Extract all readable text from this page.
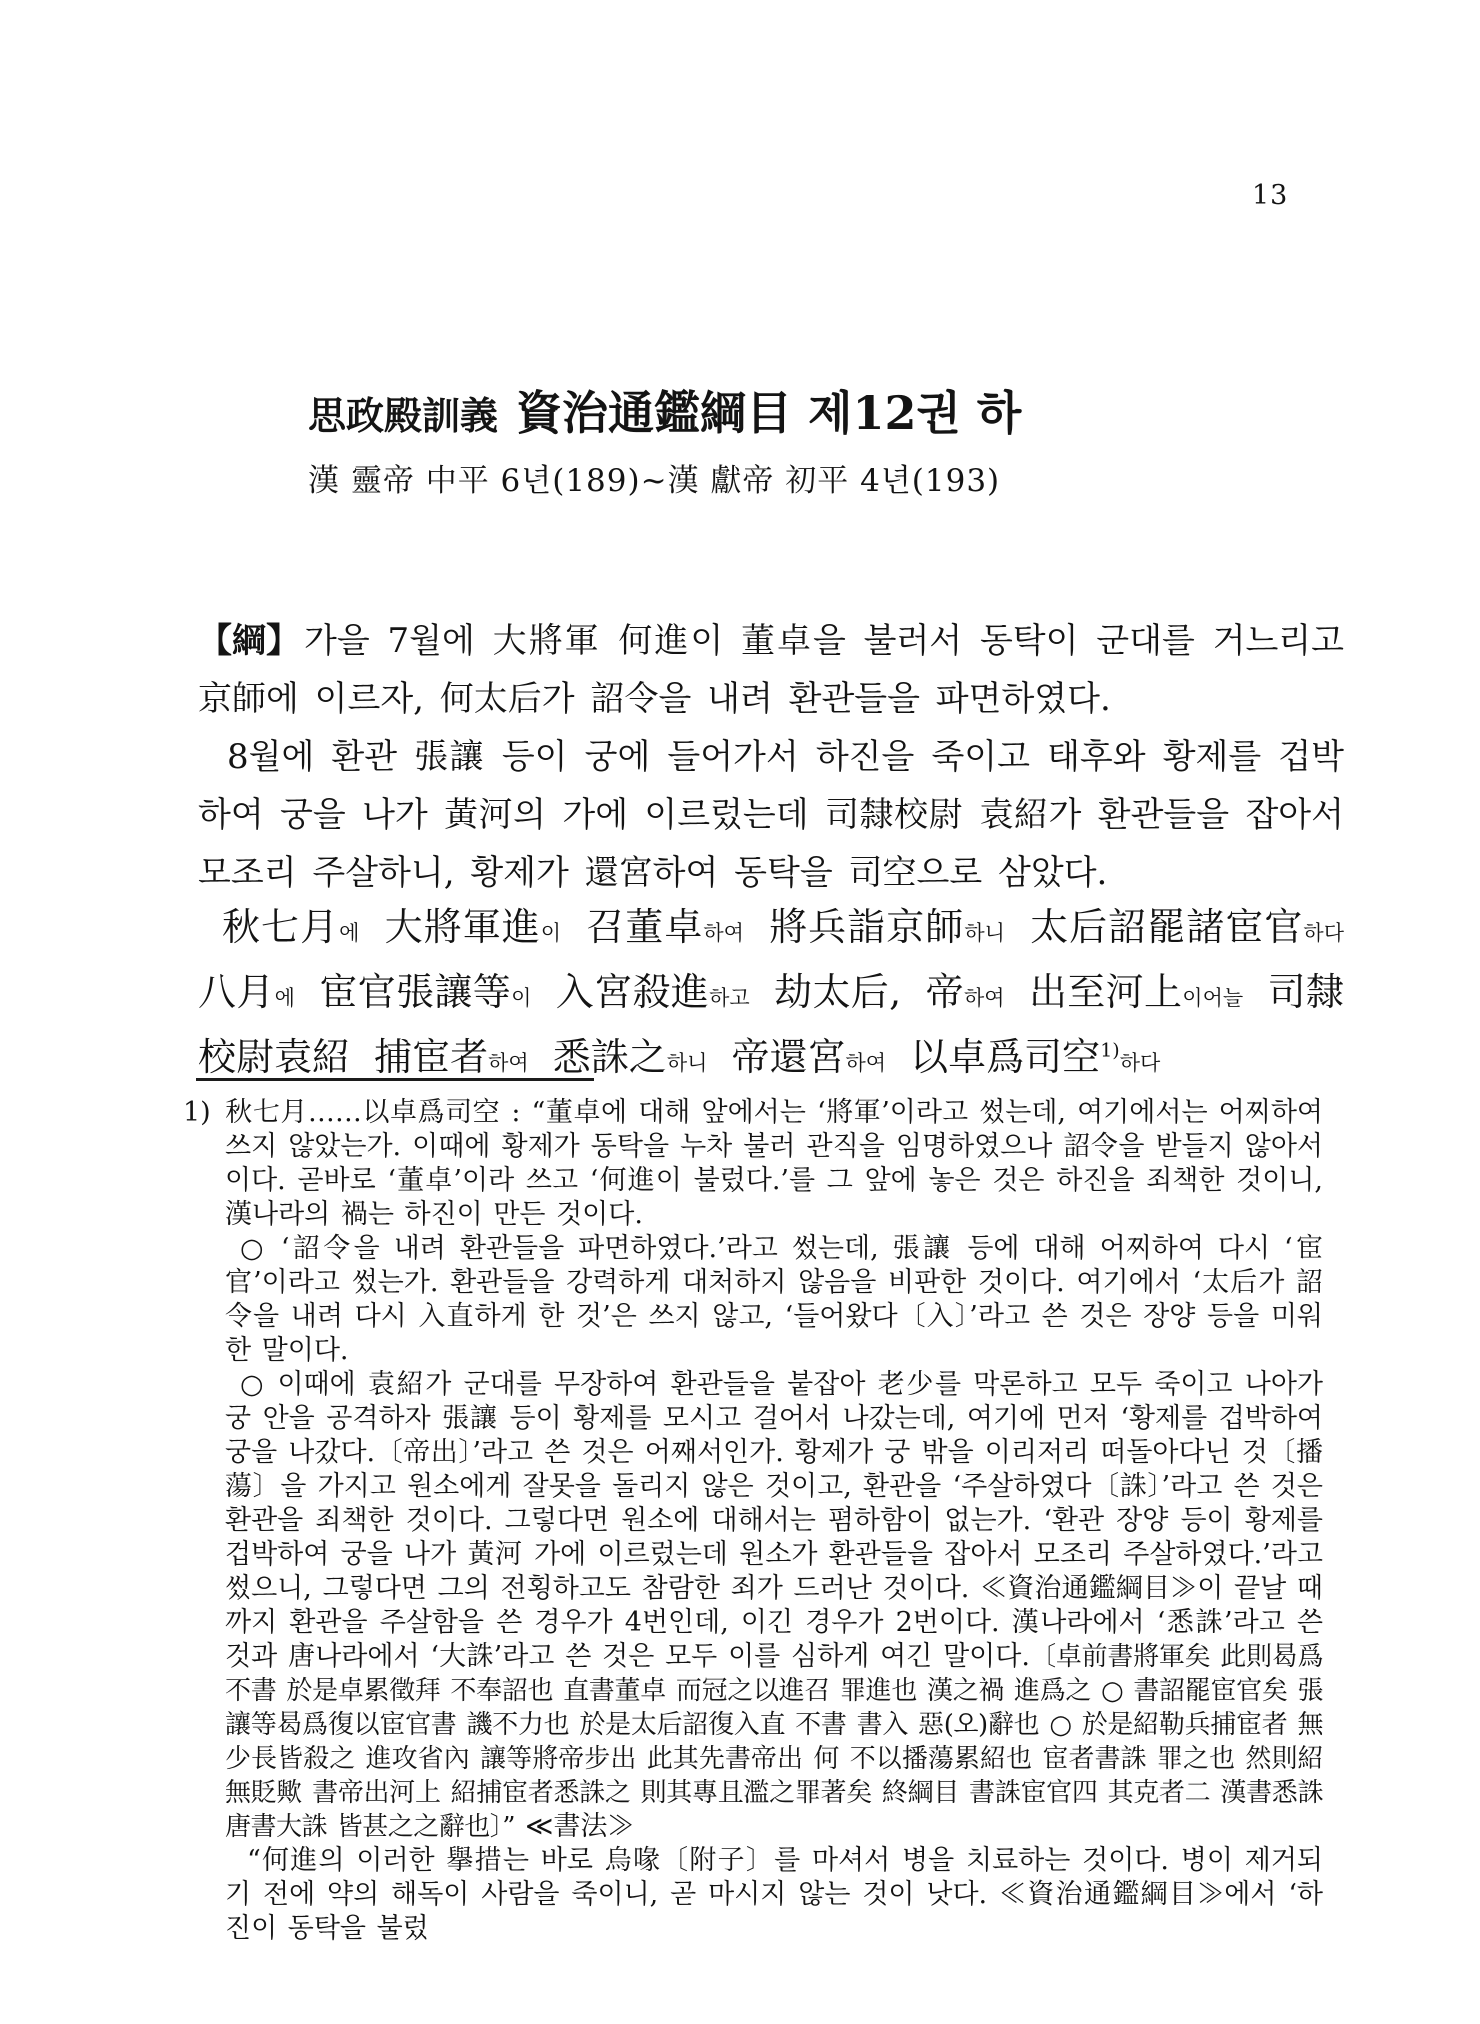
13
思政殿訓義 資治通鑑綱目 제12권 하
漢 靈帝 中平 6년(189)~漢 獻帝 初平 4년(193)

【綱】 가을 7월에 大將軍 何進이 董卓을 불러서 동탁이 군대를 거느리고 京師에 이르자, 何太后가 詔令을 내려 환관들을 파면하였다.

8월에 환관 張讓 등이 궁에 들어가서 하진을 죽이고 태후와 황제를 겁박하여 궁을 나가 黃河의 가에 이르렀는데 司隸校尉 袁紹가 환관들을 잡아서 모조리 주살하니, 황제가 還宮하여 동탁을 司空으로 삼았다.

秋七月에 大將軍進이 召董卓하여 將兵詣京師하니 太后詔罷諸宦官하다 八月에 宦官張讓等이 入宮殺進하고 劫太后, 帝하여 出至河上이어늘 司隸校尉袁紹 捕宦者하여 悉誅之하니 帝還宮하여 以卓爲司空$^{1)}$하다

1) 秋七月……以卓爲司空 : “董卓에 대해 앞에서는 ‘將軍’이라고 썼는데, 여기에서는 어찌하여 쓰지 않았는가. 이때에 황제가 동탁을 누차 불러 관직을 임명하였으나 詔令을 받들지 않아서이다. 곧바로 ‘董卓’이라 쓰고 ‘何進이 불렀다.’를 그 앞에 놓은 것은 하진을 죄책한 것이니, 漢나라의 禍는 하진이 만든 것이다.

○ ‘詔令을 내려 환관들을 파면하였다.’라고 썼는데, 張讓 등에 대해 어찌하여 다시 ‘宦官’이라고 썼는가. 환관들을 강력하게 대처하지 않음을 비판한 것이다. 여기에서 ‘太后가 詔令을 내려 다시 入直하게 한 것’은 쓰지 않고, ‘들어왔다〔入〕’라고 쓴 것은 장양 등을 미워한 말이다.

○ 이때에 袁紹가 군대를 무장하여 환관들을 붙잡아 老少를 막론하고 모두 죽이고 나아가 궁 안을 공격하자 張讓 등이 황제를 모시고 걸어서 나갔는데, 여기에 먼저 ‘황제를 겁박하여 궁을 나갔다.〔帝出〕’라고 쓴 것은 어째서인가. 황제가 궁 밖을 이리저리 떠돌아다닌 것〔播蕩〕을 가지고 원소에게 잘못을 돌리지 않은 것이고, 환관을 ‘주살하였다〔誅〕’라고 쓴 것은 환관을 죄책한 것이다. 그렇다면 원소에 대해서는 폄하함이 없는가. ‘환관 장양 등이 황제를 겁박하여 궁을 나가 黃河 가에 이르렀는데 원소가 환관들을 잡아서 모조리 주살하였다.’라고 썼으니, 그렇다면 그의 전횡하고도 참람한 죄가 드러난 것이다. ≪資治通鑑綱目≫이 끝날 때까지 환관을 주살함을 쓴 경우가 4번인데, 이긴 경우가 2번이다. 漢나라에서 ‘悉誅’라고 쓴 것과 唐나라에서 ‘大誅’라고 쓴 것은 모두 이를 심하게 여긴 말이다.〔卓前書將軍矣 此則曷爲不書 於是卓累徵拜 不奉詔也 直書董卓 而冠之以進召 罪進也 漢之禍 進爲之 ○ 書詔罷宦官矣 張讓等曷爲復以宦官書 譏不力也 於是太后詔復入直 不書 書入 惡(오)辭也 ○ 於是紹勒兵捕宦者 無少長皆殺之 進攻省內 讓等將帝步出 此其先書帝出 何 不以播蕩累紹也 宦者書誅 罪之也 然則紹無貶歟 書帝出河上 紹捕宦者悉誅之 則其專且濫之罪著矣 終綱目 書誅宦官四 其克者二 漢書悉誅 唐書大誅 皆甚之之辭也〕” ≪書法≫

“何進의 이러한 擧措는 바로 烏喙〔附子〕를 마셔서 병을 치료하는 것이다. 병이 제거되기 전에 약의 해독이 사람을 죽이니, 곧 마시지 않는 것이 낫다. ≪資治通鑑綱目≫에서 ‘하진이 동탁을 불렀
